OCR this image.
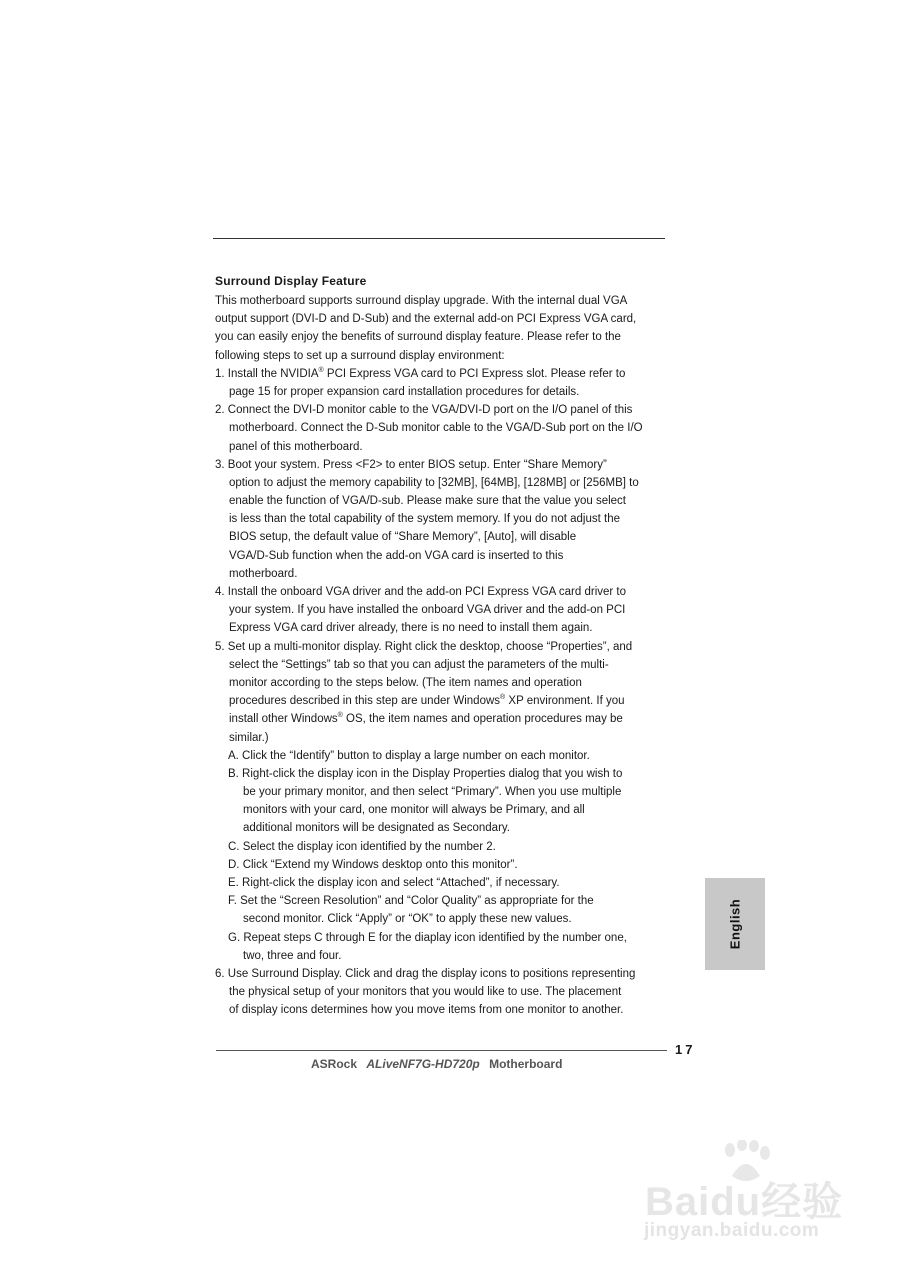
Surround Display Feature
This motherboard supports surround display upgrade. With the internal dual VGA
output support (DVI-D and D-Sub) and the external add-on PCI Express VGA card,
you can easily enjoy the benefits of surround display feature. Please refer to the
following steps to set up a surround display environment:
1. Install the NVIDIA® PCI Express VGA card to PCI Express slot. Please refer to
page 15 for proper expansion card installation procedures for details.
2. Connect the DVI-D monitor cable to the VGA/DVI-D port on the I/O panel of this
motherboard. Connect the D-Sub monitor cable to the VGA/D-Sub port on the I/O
panel of this motherboard.
3. Boot your system. Press <F2> to enter BIOS setup. Enter “Share Memory”
option to adjust the memory capability to [32MB], [64MB], [128MB] or [256MB] to
enable the function of VGA/D-sub. Please make sure that the value you select
is less than the total capability of the system memory. If you do not adjust the
BIOS setup, the default value of “Share Memory”, [Auto], will disable
VGA/D-Sub function when the add-on VGA card is inserted to this
motherboard.
4. Install the onboard VGA driver and the add-on PCI Express VGA card driver to
your system. If you have installed the onboard VGA driver and the add-on PCI
Express VGA card driver already, there is no need to install them again.
5. Set up a multi-monitor display. Right click the desktop, choose “Properties”, and
select the “Settings” tab so that you can adjust the parameters of the multi-
monitor according to the steps below. (The item names and operation
procedures described in this step are under Windows® XP environment. If you
install other Windows® OS, the item names and operation procedures may be
similar.)
A. Click the “Identify” button to display a large number on each monitor.
B. Right-click the display icon in the Display Properties dialog that you wish to
be your primary monitor, and then select “Primary”. When you use multiple
monitors with your card, one monitor will always be Primary, and all
additional monitors will be designated as Secondary.
C. Select the display icon identified by the number 2.
D. Click “Extend my Windows desktop onto this monitor”.
E. Right-click the display icon and select “Attached”, if necessary.
F. Set the “Screen Resolution” and “Color Quality” as appropriate for the
second monitor. Click “Apply” or “OK” to apply these new values.
G. Repeat steps C through E for the diaplay icon identified by the number one,
two, three and four.
6. Use Surround Display. Click and drag the display icons to positions representing
the physical setup of your monitors that you would like to use. The placement
of display icons determines how you move items from one monitor to another.
English
17
ASRock ALiveNF7G-HD720p Motherboard
Baidu经验
jingyan.baidu.com
